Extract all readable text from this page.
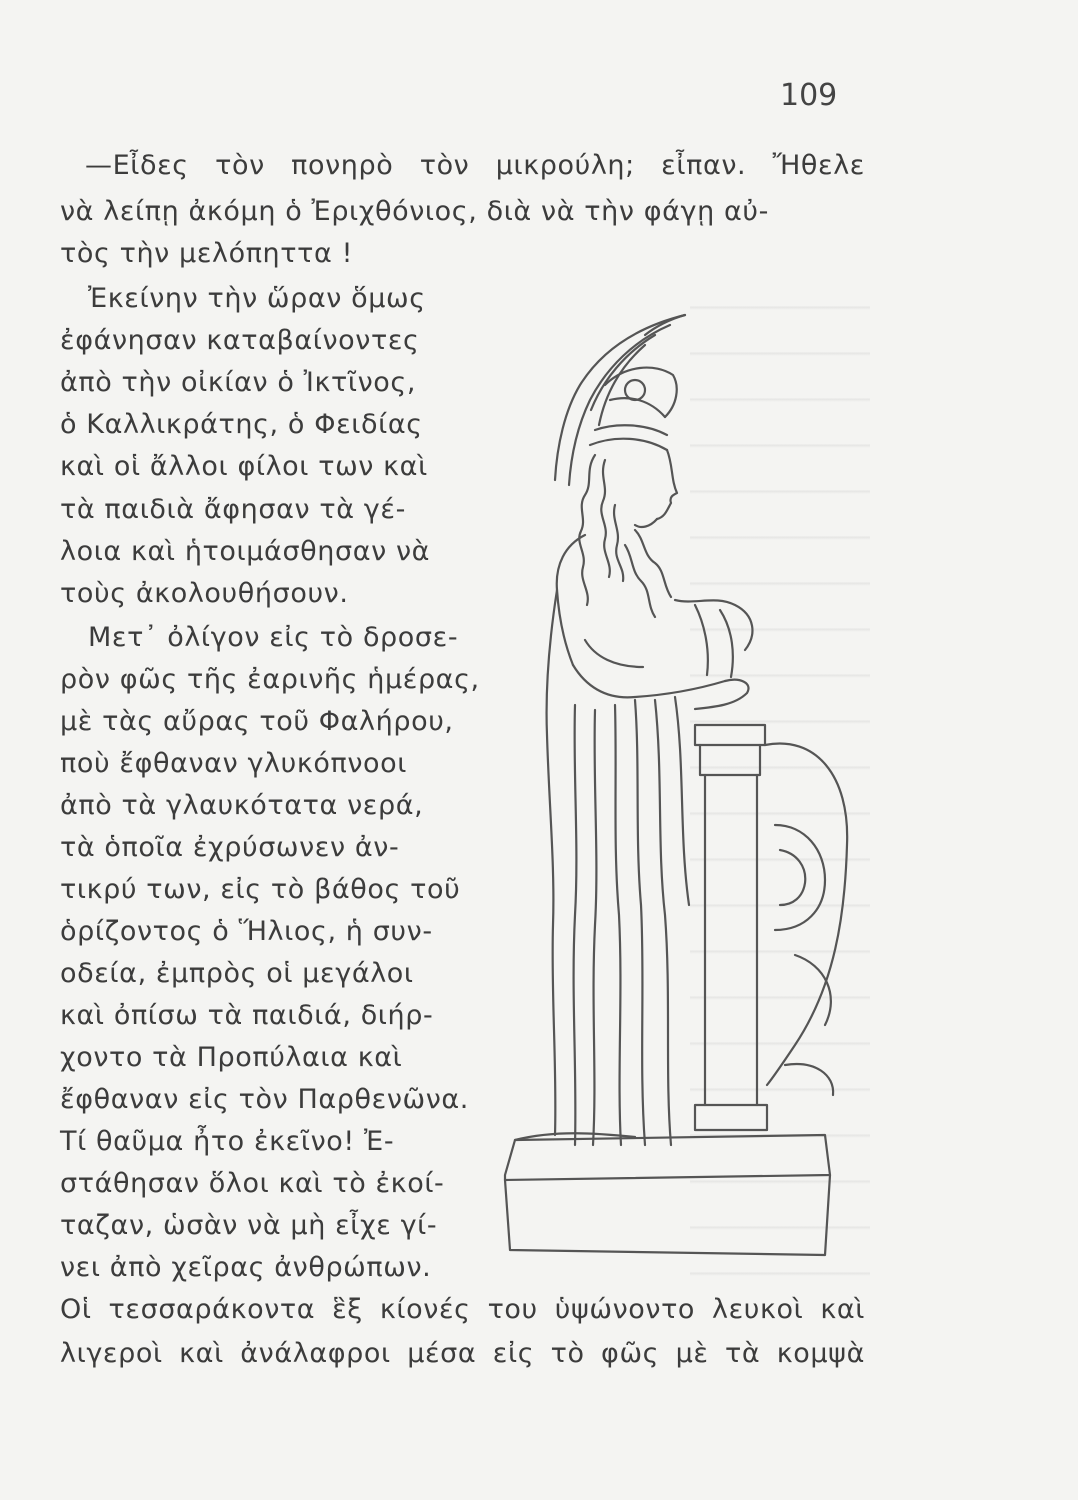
109
—Εἶδες τὸν πονηρὸ τὸν μικρούλη; εἶπαν. Ἤθελε
νὰ λείπῃ ἀκόμη ὁ Ἐριχθόνιος, διὰ νὰ τὴν φάγῃ αὐ-
τὸς τὴν μελόπηττα !
Ἐκείνην τὴν ὥραν ὅμως
ἐφάνησαν καταβαίνοντες
ἀπὸ τὴν οἰκίαν ὁ Ἰκτῖνος,
ὁ Καλλικράτης, ὁ Φειδίας
καὶ οἱ ἄλλοι φίλοι των καὶ
τὰ παιδιὰ ἄφησαν τὰ γέ-
λοια καὶ ἡτοιμάσθησαν νὰ
τοὺς ἀκολουθήσουν.
Μετ᾿ ὀλίγον εἰς τὸ δροσε-
ρὸν φῶς τῆς ἐαρινῆς ἡμέρας,
μὲ τὰς αὔρας τοῦ Φαλήρου,
ποὺ ἔφθαναν γλυκόπνοοι
ἀπὸ τὰ γλαυκότατα νερά,
τὰ ὁποῖα ἐχρύσωνεν ἀν-
τικρύ των, εἰς τὸ βάθος τοῦ
ὁρίζοντος ὁ Ἥλιος, ἡ συν-
οδεία, ἐμπρὸς οἱ μεγάλοι
καὶ ὀπίσω τὰ παιδιά, διήρ-
χοντο τὰ Προπύλαια καὶ
ἔφθαναν εἰς τὸν Παρθενῶνα.
Τί θαῦμα ἦτο ἐκεῖνο! Ἐ-
στάθησαν ὅλοι καὶ τὸ ἐκοί-
ταζαν, ὡσὰν νὰ μὴ εἶχε γί-
νει ἀπὸ χεῖρας ἀνθρώπων.
Οἱ τεσσαράκοντα ἓξ κίονές του ὑψώνοντο λευκοὶ καὶ
λιγεροὶ καὶ ἀνάλαφροι μέσα εἰς τὸ φῶς μὲ τὰ κομψὰ
